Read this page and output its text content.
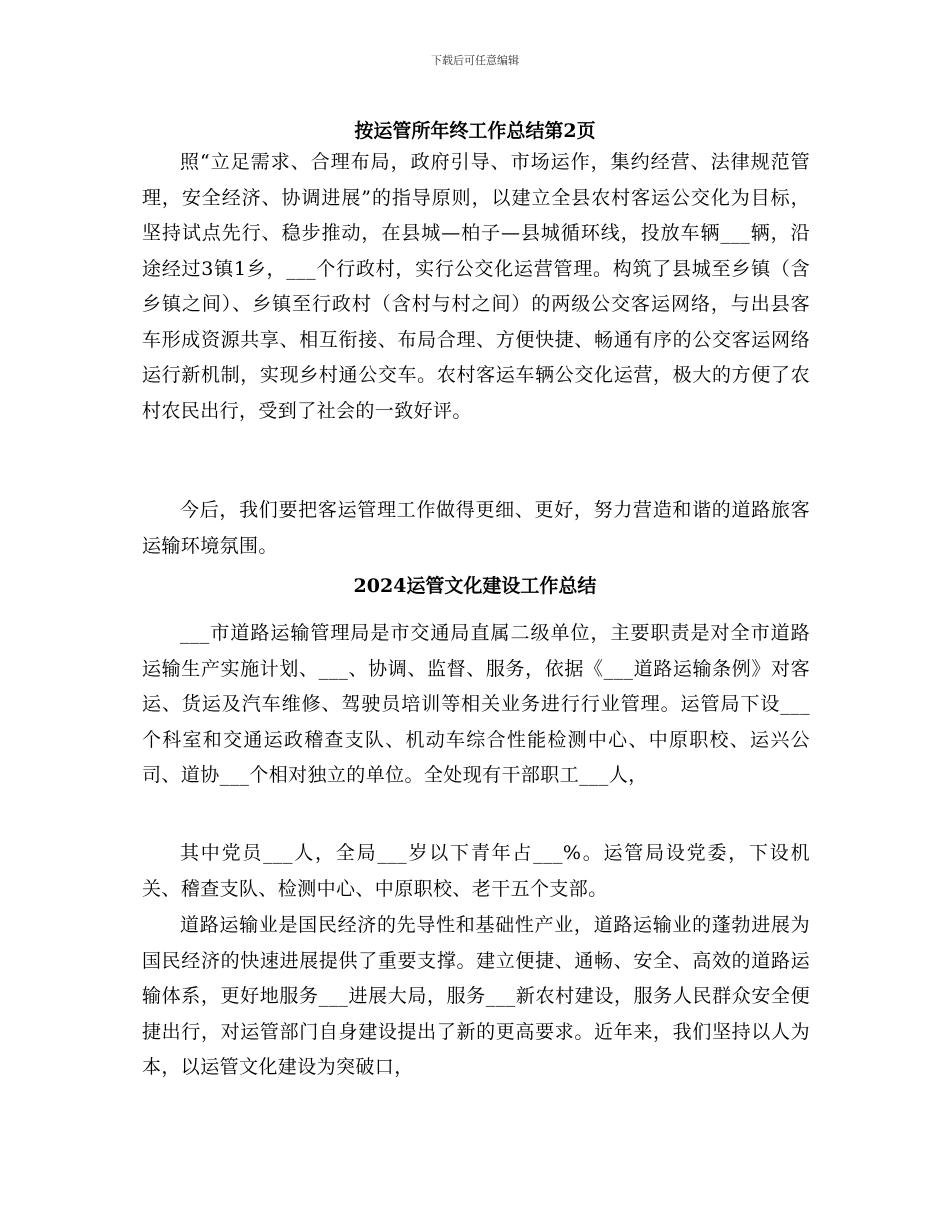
下载后可任意编辑
按运管所年终工作总结第2页

照“立足需求、合理布局，政府引导、市场运作，集约经营、法律规范管理，安全经济、协调进展”的指导原则，以建立全县农村客运公交化为目标，坚持试点先行、稳步推动，在县城—柏子—县城循环线，投放车辆___辆，沿途经过3镇1乡，___个行政村，实行公交化运营管理。构筑了县城至乡镇（含乡镇之间）、乡镇至行政村（含村与村之间）的两级公交客运网络，与出县客车形成资源共享、相互衔接、布局合理、方便快捷、畅通有序的公交客运网络运行新机制，实现乡村通公交车。农村客运车辆公交化运营，极大的方便了农村农民出行，受到了社会的一致好评。

今后，我们要把客运管理工作做得更细、更好，努力营造和谐的道路旅客运输环境氛围。

2024运管文化建设工作总结

___市道路运输管理局是市交通局直属二级单位，主要职责是对全市道路运输生产实施计划、___、协调、监督、服务，依据《___道路运输条例》对客运、货运及汽车维修、驾驶员培训等相关业务进行行业管理。运管局下设___个科室和交通运政稽查支队、机动车综合性能检测中心、中原职校、运兴公司、道协___个相对独立的单位。全处现有干部职工___人，

其中党员___人，全局___岁以下青年占___%。运管局设党委，下设机关、稽查支队、检测中心、中原职校、老干五个支部。

道路运输业是国民经济的先导性和基础性产业，道路运输业的蓬勃进展为国民经济的快速进展提供了重要支撑。建立便捷、通畅、安全、高效的道路运输体系，更好地服务___进展大局，服务___新农村建设，服务人民群众安全便捷出行，对运管部门自身建设提出了新的更高要求。近年来，我们坚持以人为本，以运管文化建设为突破口，
